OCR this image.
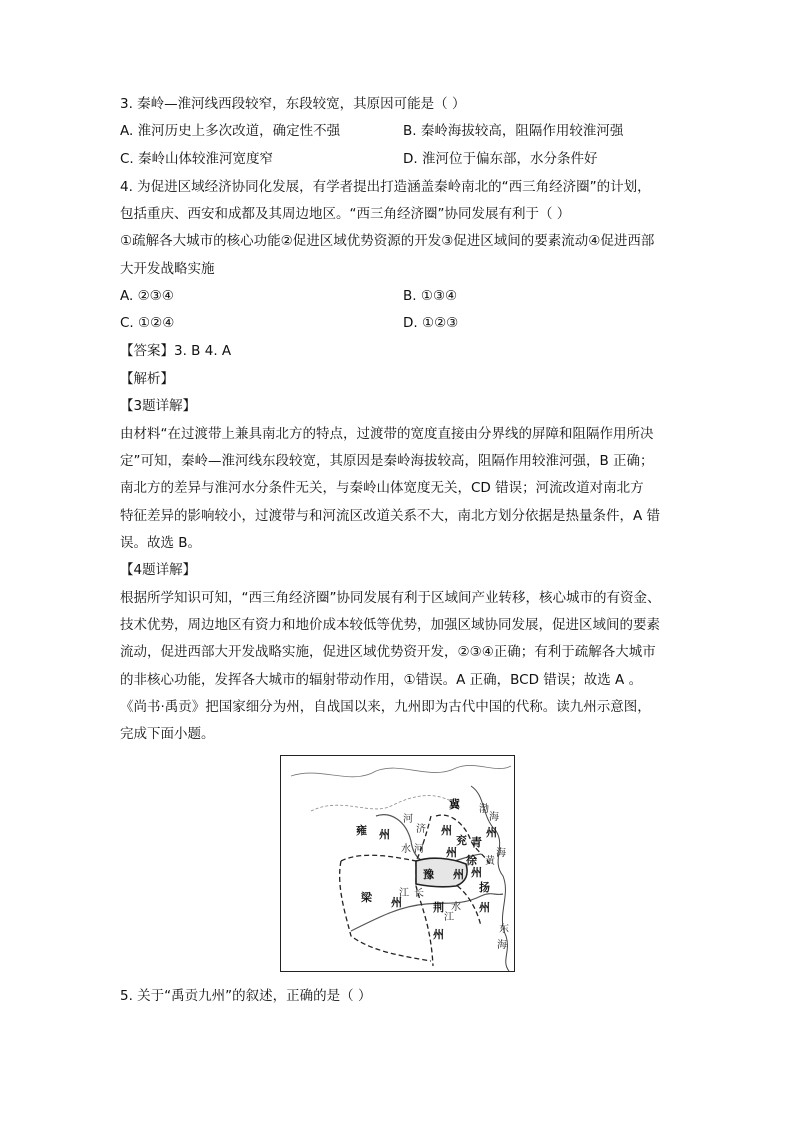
3. 秦岭—淮河线西段较窄，东段较宽，其原因可能是（ ）
A. 淮河历史上多次改道，确定性不强	B. 秦岭海拔较高，阻隔作用较淮河强
C. 秦岭山体较淮河宽度窄	D. 淮河位于偏东部，水分条件好
4. 为促进区域经济协同化发展，有学者提出打造涵盖秦岭南北的“西三角经济圈”的计划，
包括重庆、西安和成都及其周边地区。“西三角经济圈”协同发展有利于（ ）
①疏解各大城市的核心功能②促进区域优势资源的开发③促进区域间的要素流动④促进西部
大开发战略实施
A. ②③④	B. ①③④
C. ①②④	D. ①②③
【答案】3. B 4. A
【解析】
【3题详解】
由材料“在过渡带上兼具南北方的特点，过渡带的宽度直接由分界线的屏障和阻隔作用所决
定”可知，秦岭—淮河线东段较宽，其原因是秦岭海拔较高，阻隔作用较淮河强，B 正确；
南北方的差异与淮河水分条件无关，与秦岭山体宽度无关，CD 错误；河流改道对南北方
特征差异的影响较小，过渡带与和河流区改道关系不大，南北方划分依据是热量条件，A 错
误。故选 B。
【4题详解】
根据所学知识可知，“西三角经济圈”协同发展有利于区域间产业转移，核心城市的有资金、
技术优势，周边地区有资力和地价成本较低等优势，加强区域协同发展，促进区域间的要素
流动，促进西部大开发战略实施，促进区域优势资开发，②③④正确；有利于疏解各大城市
的非核心功能，发挥各大城市的辐射带动作用，①错误。A 正确，BCD 错误；故选 A 。
《尚书·禹贡》把国家细分为州，自战国以来，九州即为古代中国的代称。读九州示意图，
完成下面小题。
雍 州
冀
州
兖
州
青
州
徐
州
豫 州
梁 州	荆
州
扬
州
河
济
水 河
江 长
水
江
渤
海
黄
海
东
海
5. 关于“禹贡九州”的叙述，正确的是（ ）
